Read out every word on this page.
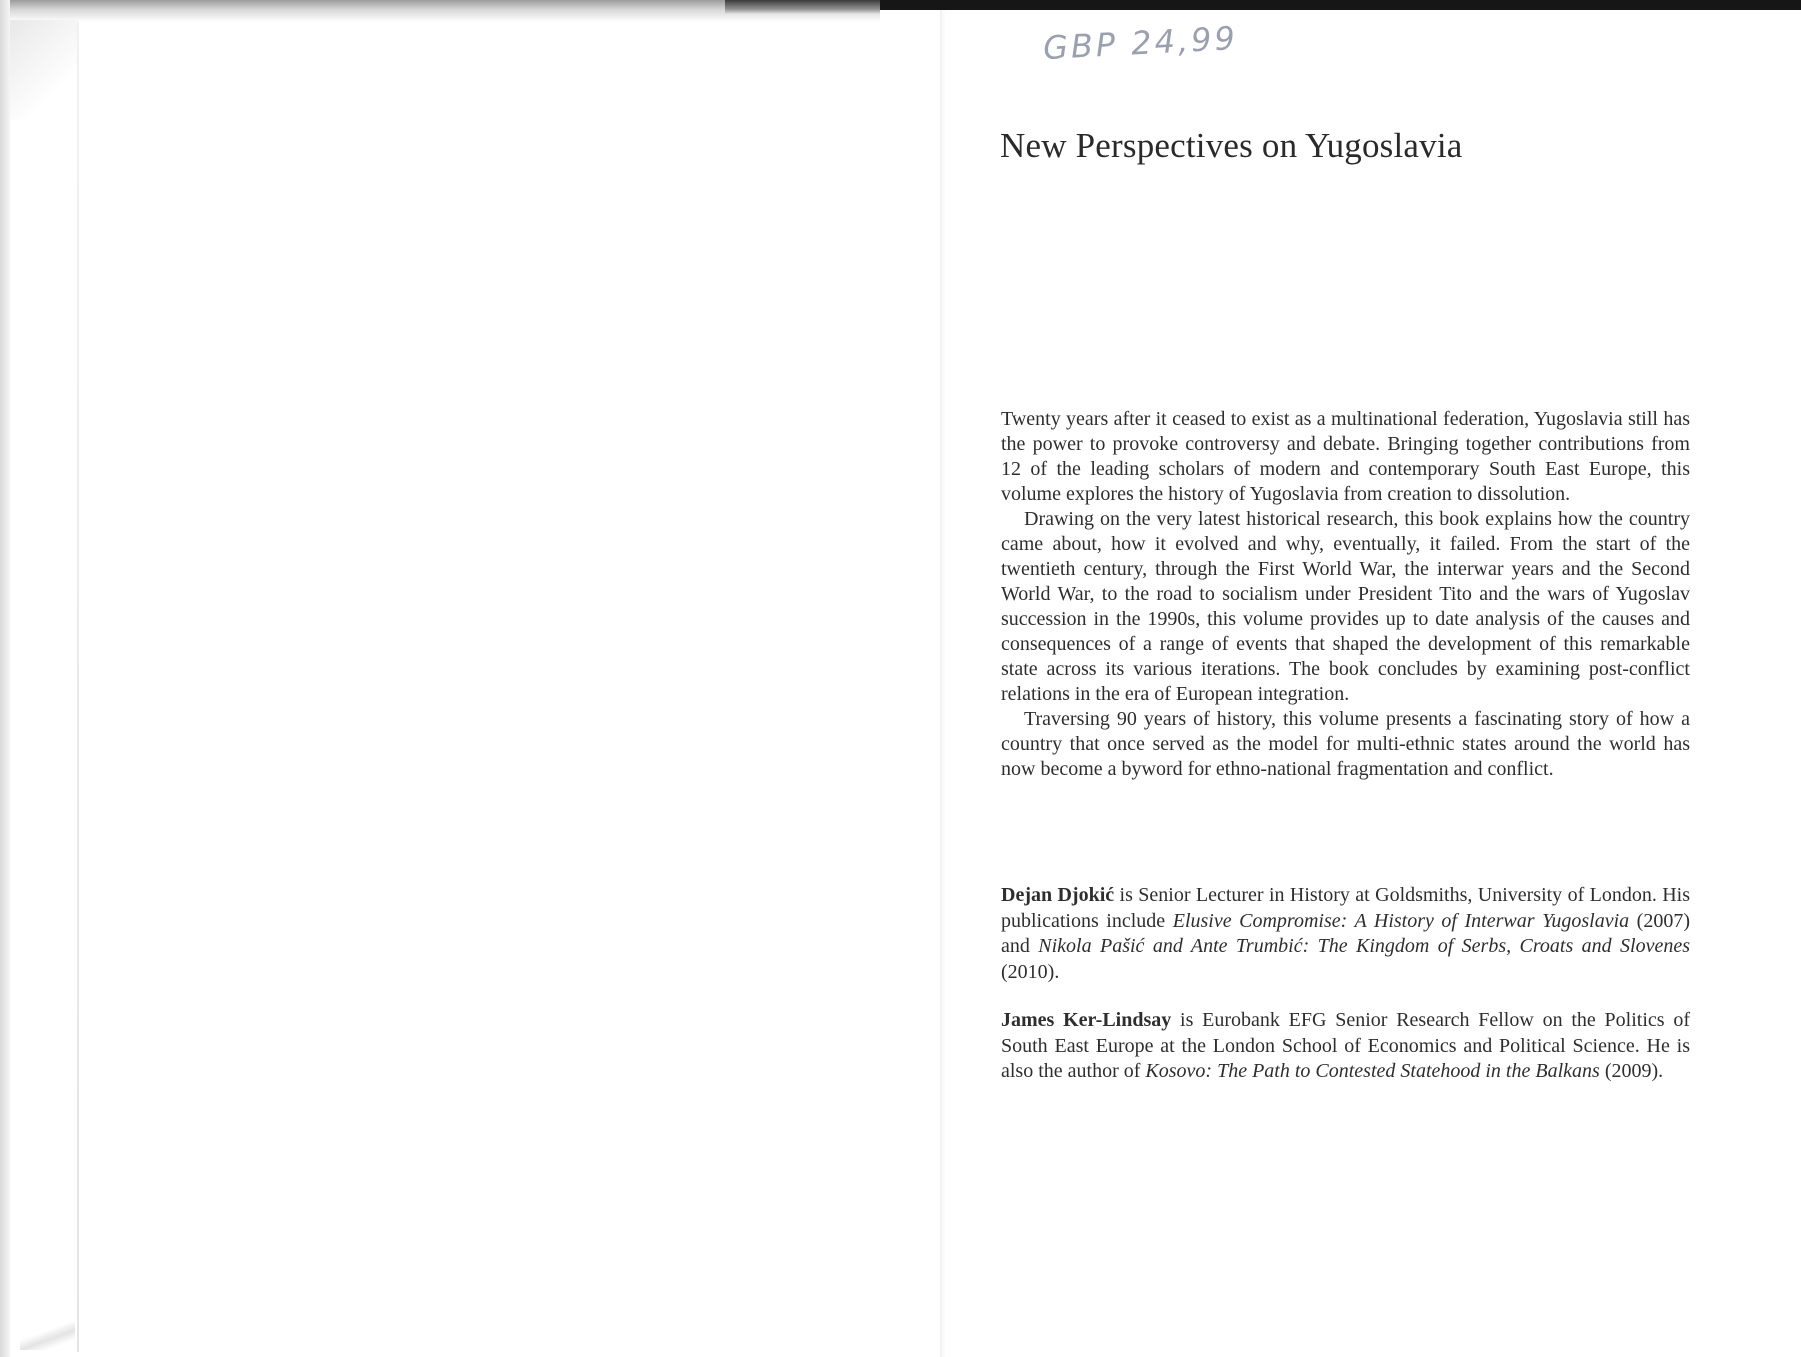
GBP 24,99
New Perspectives on Yugoslavia

Twenty years after it ceased to exist as a multinational federation, Yugoslavia still has the power to provoke controversy and debate. Bringing together contributions from 12 of the leading scholars of modern and contemporary South East Europe, this volume explores the history of Yugoslavia from creation to dissolution.

Drawing on the very latest historical research, this book explains how the country came about, how it evolved and why, eventually, it failed. From the start of the twentieth century, through the First World War, the interwar years and the Second World War, to the road to socialism under President Tito and the wars of Yugoslav succession in the 1990s, this volume provides up to date analysis of the causes and consequences of a range of events that shaped the development of this remarkable state across its various iterations. The book concludes by examining post-conflict relations in the era of European integration.

Traversing 90 years of history, this volume presents a fascinating story of how a country that once served as the model for multi-ethnic states around the world has now become a byword for ethno-national fragmentation and conflict.

Dejan Djokić is Senior Lecturer in History at Goldsmiths, University of London. His publications include Elusive Compromise: A History of Interwar Yugoslavia (2007) and Nikola Pašić and Ante Trumbić: The Kingdom of Serbs, Croats and Slovenes (2010).

James Ker-Lindsay is Eurobank EFG Senior Research Fellow on the Politics of South East Europe at the London School of Economics and Political Science. He is also the author of Kosovo: The Path to Contested Statehood in the Balkans (2009).
